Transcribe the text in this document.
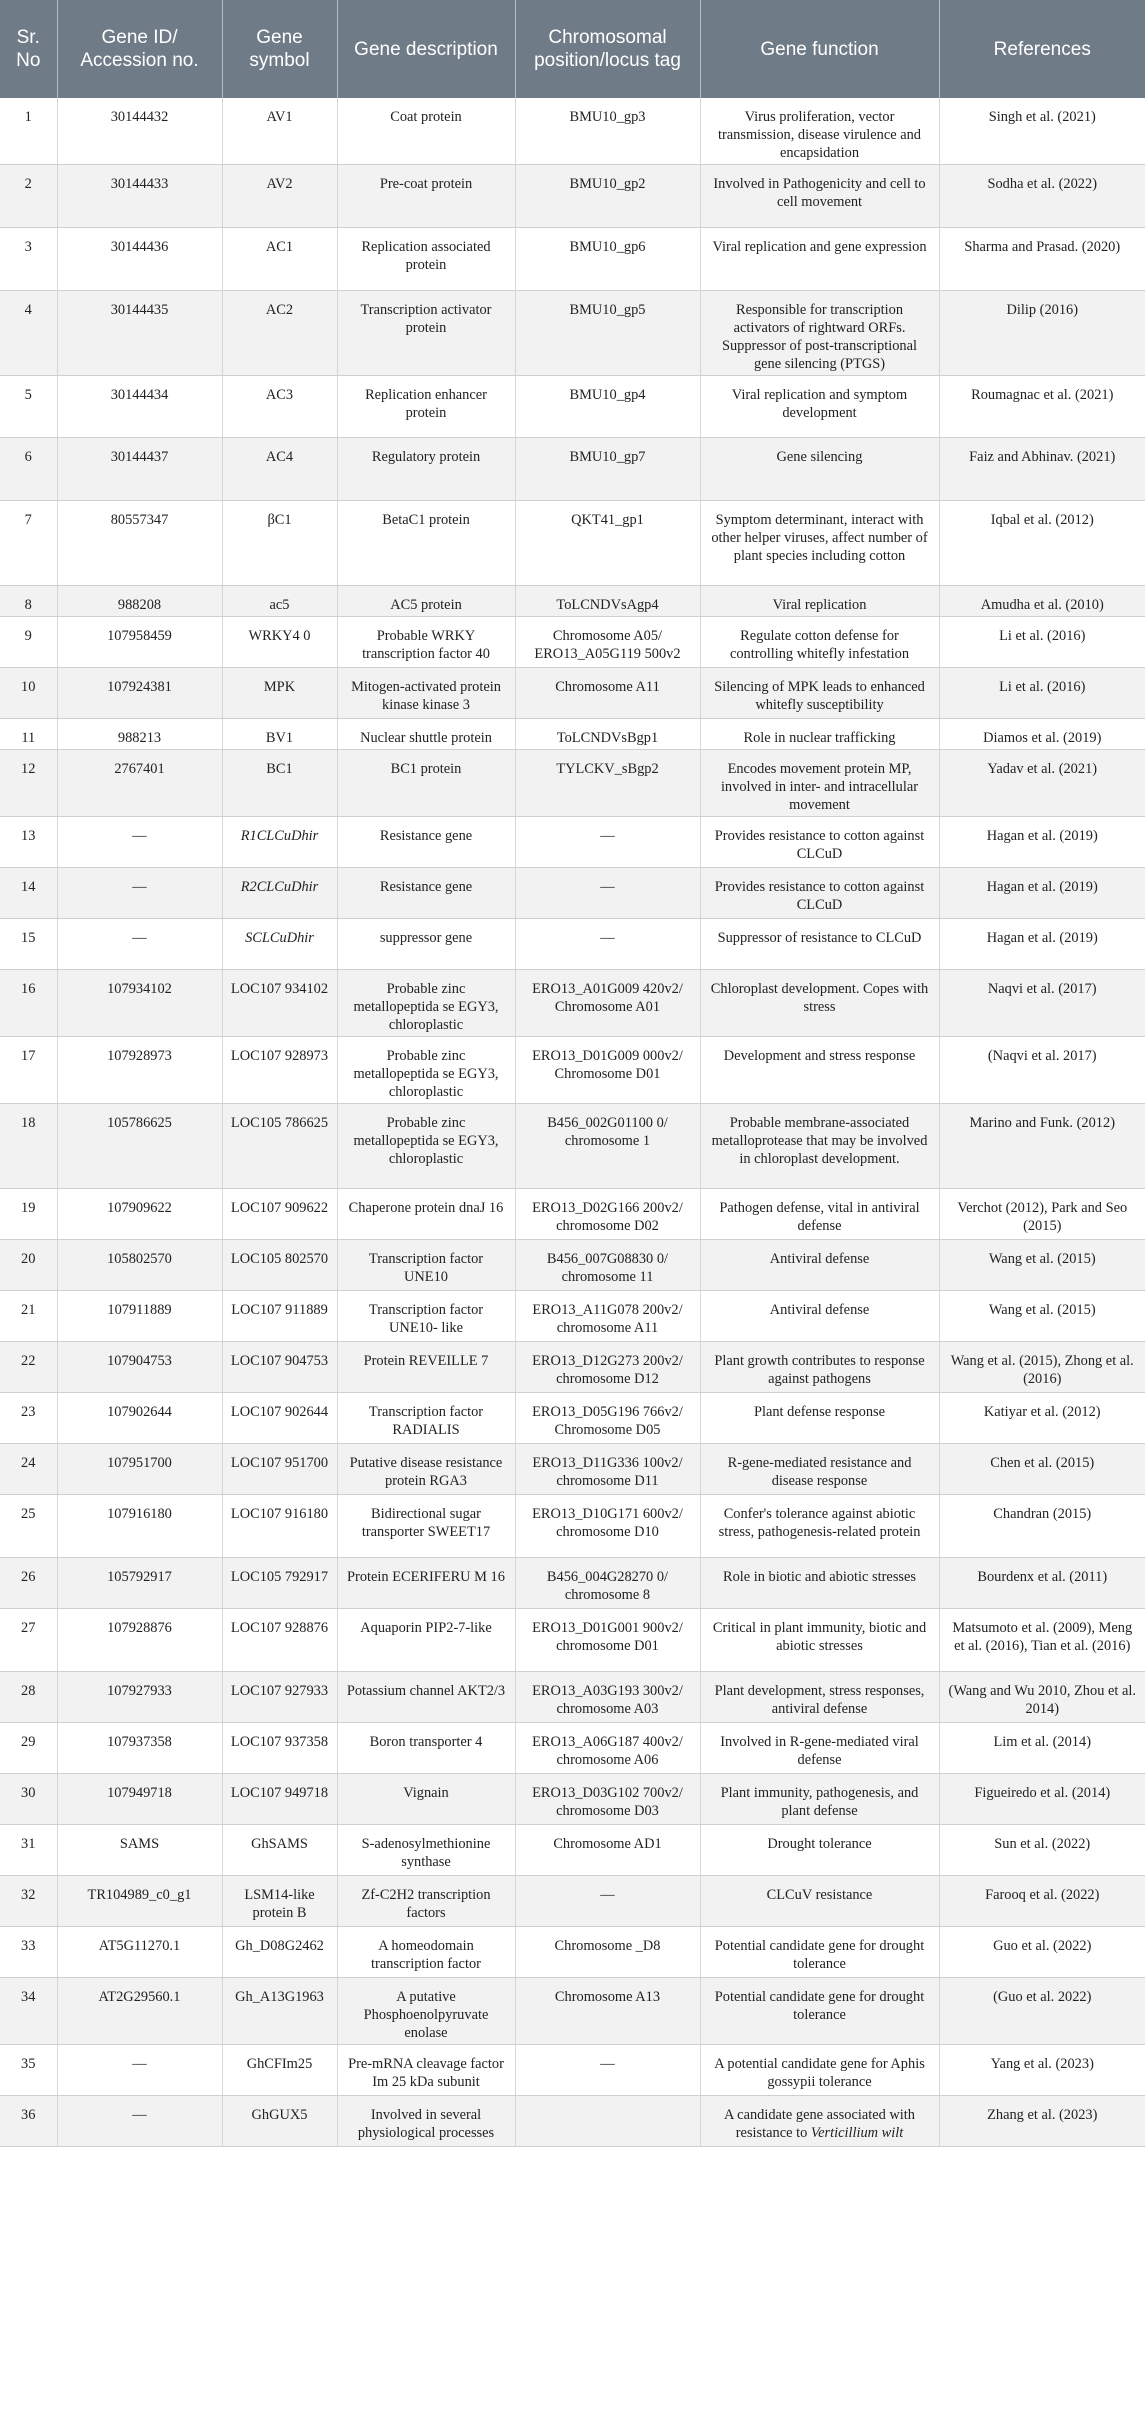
Sr. No	Gene ID/ Accession no.	Gene symbol	Gene description	Chromosomal position/locus tag	Gene function	References
1	30144432	AV1	Coat protein	BMU10_gp3	Virus proliferation, vector transmission, disease virulence and encapsidation	Singh et al. (2021)
2	30144433	AV2	Pre-coat protein	BMU10_gp2	Involved in Pathogenicity and cell to cell movement	Sodha et al. (2022)
3	30144436	AC1	Replication associated protein	BMU10_gp6	Viral replication and gene expression	Sharma and Prasad. (2020)
4	30144435	AC2	Transcription activator protein	BMU10_gp5	Responsible for transcription activators of rightward ORFs. Suppressor of post-transcriptional gene silencing (PTGS)	Dilip (2016)
5	30144434	AC3	Replication enhancer protein	BMU10_gp4	Viral replication and symptom development	Roumagnac et al. (2021)
6	30144437	AC4	Regulatory protein	BMU10_gp7	Gene silencing	Faiz and Abhinav. (2021)
7	80557347	βC1	BetaC1 protein	QKT41_gp1	Symptom determinant, interact with other helper viruses, affect number of plant species including cotton	Iqbal et al. (2012)
8	988208	ac5	AC5 protein	ToLCNDVsAgp4	Viral replication	Amudha et al. (2010)
9	107958459	WRKY4 0	Probable WRKY transcription factor 40	Chromosome A05/ ERO13_A05G119 500v2	Regulate cotton defense for controlling whitefly infestation	Li et al. (2016)
10	107924381	MPK	Mitogen-activated protein kinase kinase 3	Chromosome A11	Silencing of MPK leads to enhanced whitefly susceptibility	Li et al. (2016)
11	988213	BV1	Nuclear shuttle protein	ToLCNDVsBgp1	Role in nuclear trafficking	Diamos et al. (2019)
12	2767401	BC1	BC1 protein	TYLCKV_sBgp2	Encodes movement protein MP, involved in inter- and intracellular movement	Yadav et al. (2021)
13	—	R1CLCuDhir	Resistance gene	—	Provides resistance to cotton against CLCuD	Hagan et al. (2019)
14	—	R2CLCuDhir	Resistance gene	—	Provides resistance to cotton against CLCuD	Hagan et al. (2019)
15	—	SCLCuDhir	suppressor gene	—	Suppressor of resistance to CLCuD	Hagan et al. (2019)
16	107934102	LOC107 934102	Probable zinc metallopeptida se EGY3, chloroplastic	ERO13_A01G009 420v2/ Chromosome A01	Chloroplast development. Copes with stress	Naqvi et al. (2017)
17	107928973	LOC107 928973	Probable zinc metallopeptida se EGY3, chloroplastic	ERO13_D01G009 000v2/ Chromosome D01	Development and stress response	(Naqvi et al. 2017)
18	105786625	LOC105 786625	Probable zinc metallopeptida se EGY3, chloroplastic	B456_002G01100 0/ chromosome 1	Probable membrane-associated metalloprotease that may be involved in chloroplast development.	Marino and Funk. (2012)
19	107909622	LOC107 909622	Chaperone protein dnaJ 16	ERO13_D02G166 200v2/ chromosome D02	Pathogen defense, vital in antiviral defense	Verchot (2012), Park and Seo (2015)
20	105802570	LOC105 802570	Transcription factor UNE10	B456_007G08830 0/ chromosome 11	Antiviral defense	Wang et al. (2015)
21	107911889	LOC107 911889	Transcription factor UNE10- like	ERO13_A11G078 200v2/ chromosome A11	Antiviral defense	Wang et al. (2015)
22	107904753	LOC107 904753	Protein REVEILLE 7	ERO13_D12G273 200v2/ chromosome D12	Plant growth contributes to response against pathogens	Wang et al. (2015), Zhong et al. (2016)
23	107902644	LOC107 902644	Transcription factor RADIALIS	ERO13_D05G196 766v2/ Chromosome D05	Plant defense response	Katiyar et al. (2012)
24	107951700	LOC107 951700	Putative disease resistance protein RGA3	ERO13_D11G336 100v2/ chromosome D11	R-gene-mediated resistance and disease response	Chen et al. (2015)
25	107916180	LOC107 916180	Bidirectional sugar transporter SWEET17	ERO13_D10G171 600v2/ chromosome D10	Confer's tolerance against abiotic stress, pathogenesis-related protein	Chandran (2015)
26	105792917	LOC105 792917	Protein ECERIFERU M 16	B456_004G28270 0/ chromosome 8	Role in biotic and abiotic stresses	Bourdenx et al. (2011)
27	107928876	LOC107 928876	Aquaporin PIP2-7-like	ERO13_D01G001 900v2/ chromosome D01	Critical in plant immunity, biotic and abiotic stresses	Matsumoto et al. (2009), Meng et al. (2016), Tian et al. (2016)
28	107927933	LOC107 927933	Potassium channel AKT2/3	ERO13_A03G193 300v2/ chromosome A03	Plant development, stress responses, antiviral defense	(Wang and Wu 2010, Zhou et al. 2014)
29	107937358	LOC107 937358	Boron transporter 4	ERO13_A06G187 400v2/ chromosome A06	Involved in R-gene-mediated viral defense	Lim et al. (2014)
30	107949718	LOC107 949718	Vignain	ERO13_D03G102 700v2/ chromosome D03	Plant immunity, pathogenesis, and plant defense	Figueiredo et al. (2014)
31	SAMS	GhSAMS	S-adenosylmethionine synthase	Chromosome AD1	Drought tolerance	Sun et al. (2022)
32	TR104989_c0_g1	LSM14-like protein B	Zf-C2H2 transcription factors	—	CLCuV resistance	Farooq et al. (2022)
33	AT5G11270.1	Gh_D08G2462	A homeodomain transcription factor	Chromosome _D8	Potential candidate gene for drought tolerance	Guo et al. (2022)
34	AT2G29560.1	Gh_A13G1963	A putative Phosphoenolpyruvate enolase	Chromosome A13	Potential candidate gene for drought tolerance	(Guo et al. 2022)
35	—	GhCFIm25	Pre-mRNA cleavage factor Im 25 kDa subunit	—	A potential candidate gene for Aphis gossypii tolerance	Yang et al. (2023)
36	—	GhGUX5	Involved in several physiological processes		A candidate gene associated with resistance to Verticillium wilt	Zhang et al. (2023)
